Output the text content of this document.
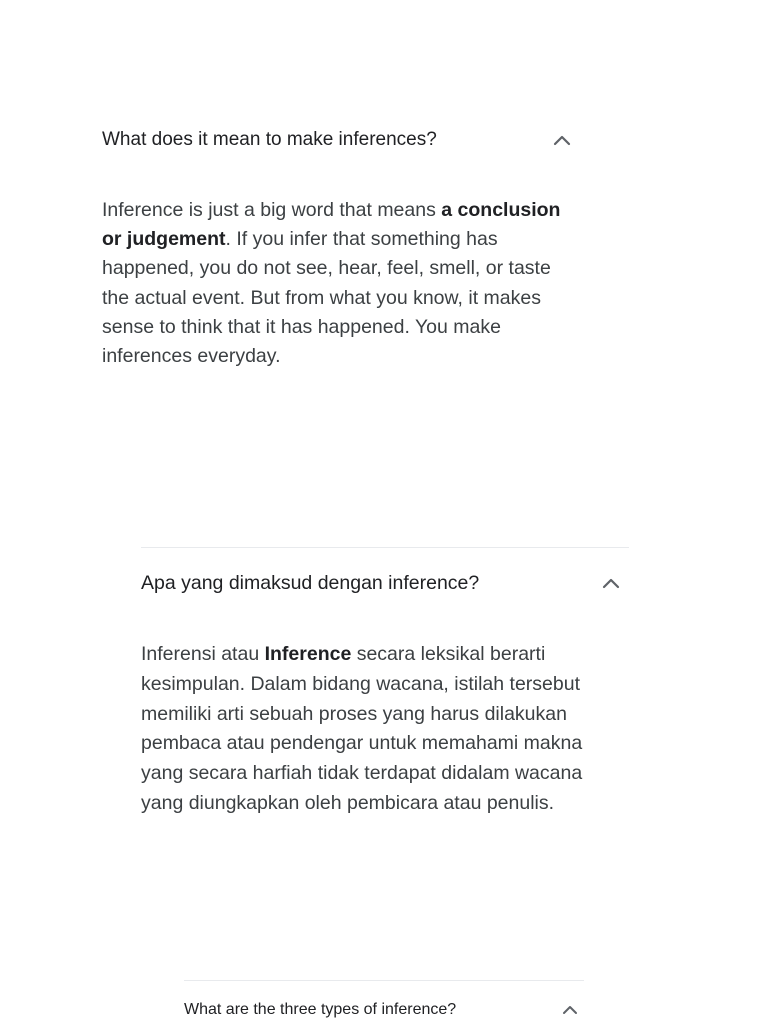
What does it mean to make inferences?
Inference is just a big word that means a conclusion or judgement. If you infer that something has happened, you do not see, hear, feel, smell, or taste the actual event. But from what you know, it makes sense to think that it has happened. You make inferences everyday.
Apa yang dimaksud dengan inference?
Inferensi atau Inference secara leksikal berarti kesimpulan. Dalam bidang wacana, istilah tersebut memiliki arti sebuah proses yang harus dilakukan pembaca atau pendengar untuk memahami makna yang secara harfiah tidak terdapat didalam wacana yang diungkapkan oleh pembicara atau penulis.
What are the three types of inference?
